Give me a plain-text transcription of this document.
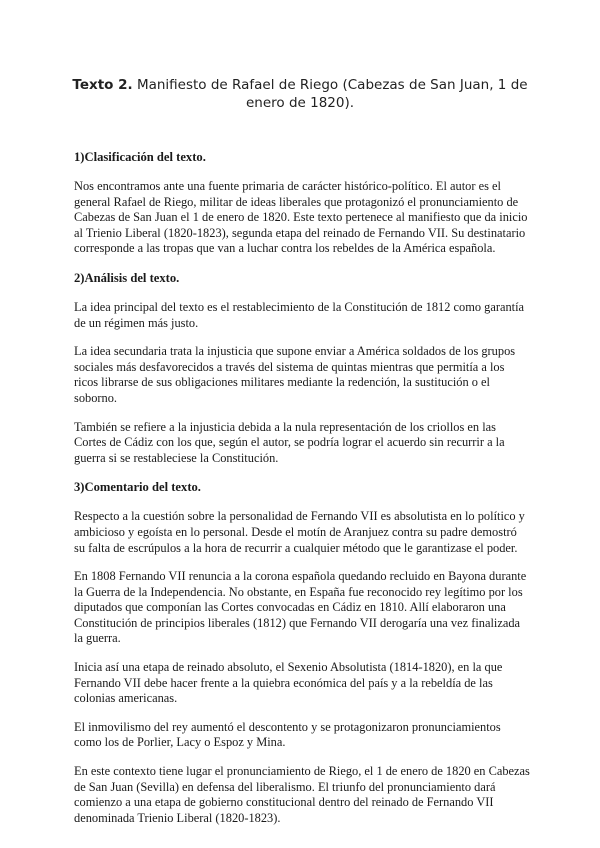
Texto 2. Manifiesto de Rafael de Riego (Cabezas de San Juan, 1 de enero de 1820).
1)Clasificación del texto.

Nos encontramos ante una fuente primaria de carácter histórico-político. El autor es el general Rafael de Riego, militar de ideas liberales que protagonizó el pronunciamiento de Cabezas de San Juan el 1 de enero de 1820. Este texto pertenece al manifiesto que da inicio al Trienio Liberal (1820-1823), segunda etapa del reinado de Fernando VII. Su destinatario corresponde a las tropas que van a luchar contra los rebeldes de la América española.

2)Análisis del texto.

La idea principal del texto es el restablecimiento de la Constitución de 1812 como garantía de un régimen más justo.

La idea secundaria trata la injusticia que supone enviar a América soldados de los grupos sociales más desfavorecidos a través del sistema de quintas mientras que permitía a los ricos librarse de sus obligaciones militares mediante la redención, la sustitución o el soborno.

También se refiere a la injusticia debida a la nula representación de los criollos en las Cortes de Cádiz con los que, según el autor, se podría lograr el acuerdo sin recurrir a la guerra si se restableciese la Constitución.

3)Comentario del texto.

Respecto a la cuestión sobre la personalidad de Fernando VII es absolutista en lo político y ambicioso y egoísta en lo personal. Desde el motín de Aranjuez contra su padre demostró su falta de escrúpulos a la hora de recurrir a cualquier método que le garantizase el poder.

En 1808 Fernando VII renuncia a la corona española quedando recluido en Bayona durante la Guerra de la Independencia. No obstante, en España fue reconocido rey legítimo por los diputados que componían las Cortes convocadas en Cádiz en 1810. Allí elaboraron una Constitución de principios liberales (1812) que Fernando VII derogaría una vez finalizada la guerra.

Inicia así una etapa de reinado absoluto, el Sexenio Absolutista (1814-1820), en la que Fernando VII debe hacer frente a la quiebra económica del país y a la rebeldía de las colonias americanas.

El inmovilismo del rey aumentó el descontento y se protagonizaron pronunciamientos como los de Porlier, Lacy o Espoz y Mina.

En este contexto tiene lugar el pronunciamiento de Riego, el 1 de enero de 1820 en Cabezas de San Juan (Sevilla) en defensa del liberalismo. El triunfo del pronunciamiento dará comienzo a una etapa de gobierno constitucional dentro del reinado de Fernando VII denominada Trienio Liberal (1820-1823).
